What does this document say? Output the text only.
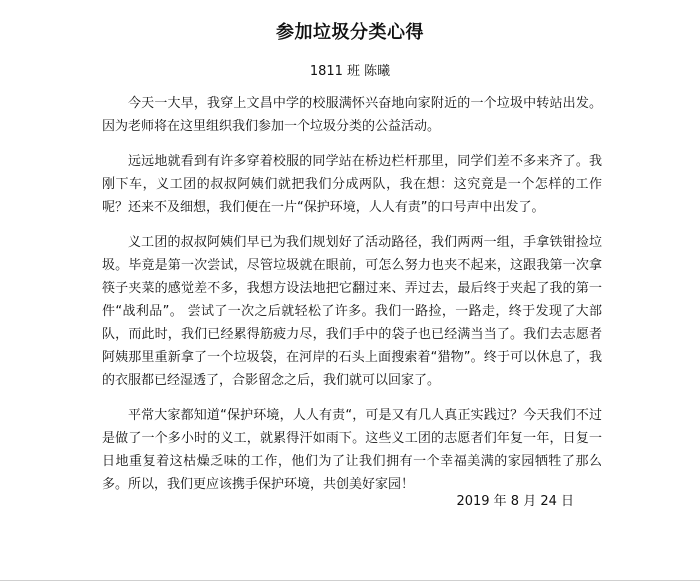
参加垃圾分类心得
1811 班 陈曦

今天一大早，我穿上文昌中学的校服满怀兴奋地向家附近的一个垃圾中转站出发。因为老师将在这里组织我们参加一个垃圾分类的公益活动。

远远地就看到有许多穿着校服的同学站在桥边栏杆那里，同学们差不多来齐了。我刚下车，义工团的叔叔阿姨们就把我们分成两队，我在想：这究竟是一个怎样的工作呢？还来不及细想，我们便在一片“保护环境，人人有责”的口号声中出发了。

义工团的叔叔阿姨们早已为我们规划好了活动路径，我们两两一组，手拿铁钳捡垃圾。毕竟是第一次尝试，尽管垃圾就在眼前，可怎么努力也夹不起来，这跟我第一次拿筷子夹菜的感觉差不多，我想方设法地把它翻过来、弄过去，最后终于夹起了我的第一件“战利品”。 尝试了一次之后就轻松了许多。我们一路捡，一路走，终于发现了大部队，而此时，我们已经累得筋疲力尽，我们手中的袋子也已经满当当了。我们去志愿者阿姨那里重新拿了一个垃圾袋，在河岸的石头上面搜索着“猎物”。终于可以休息了，我的衣服都已经湿透了，合影留念之后，我们就可以回家了。

平常大家都知道“保护环境，人人有责“，可是又有几人真正实践过？今天我们不过是做了一个多小时的义工，就累得汗如雨下。这些义工团的志愿者们年复一年，日复一日地重复着这枯燥乏味的工作，他们为了让我们拥有一个幸福美满的家园牺牲了那么多。所以，我们更应该携手保护环境，共创美好家园！

2019 年 8 月 24 日
